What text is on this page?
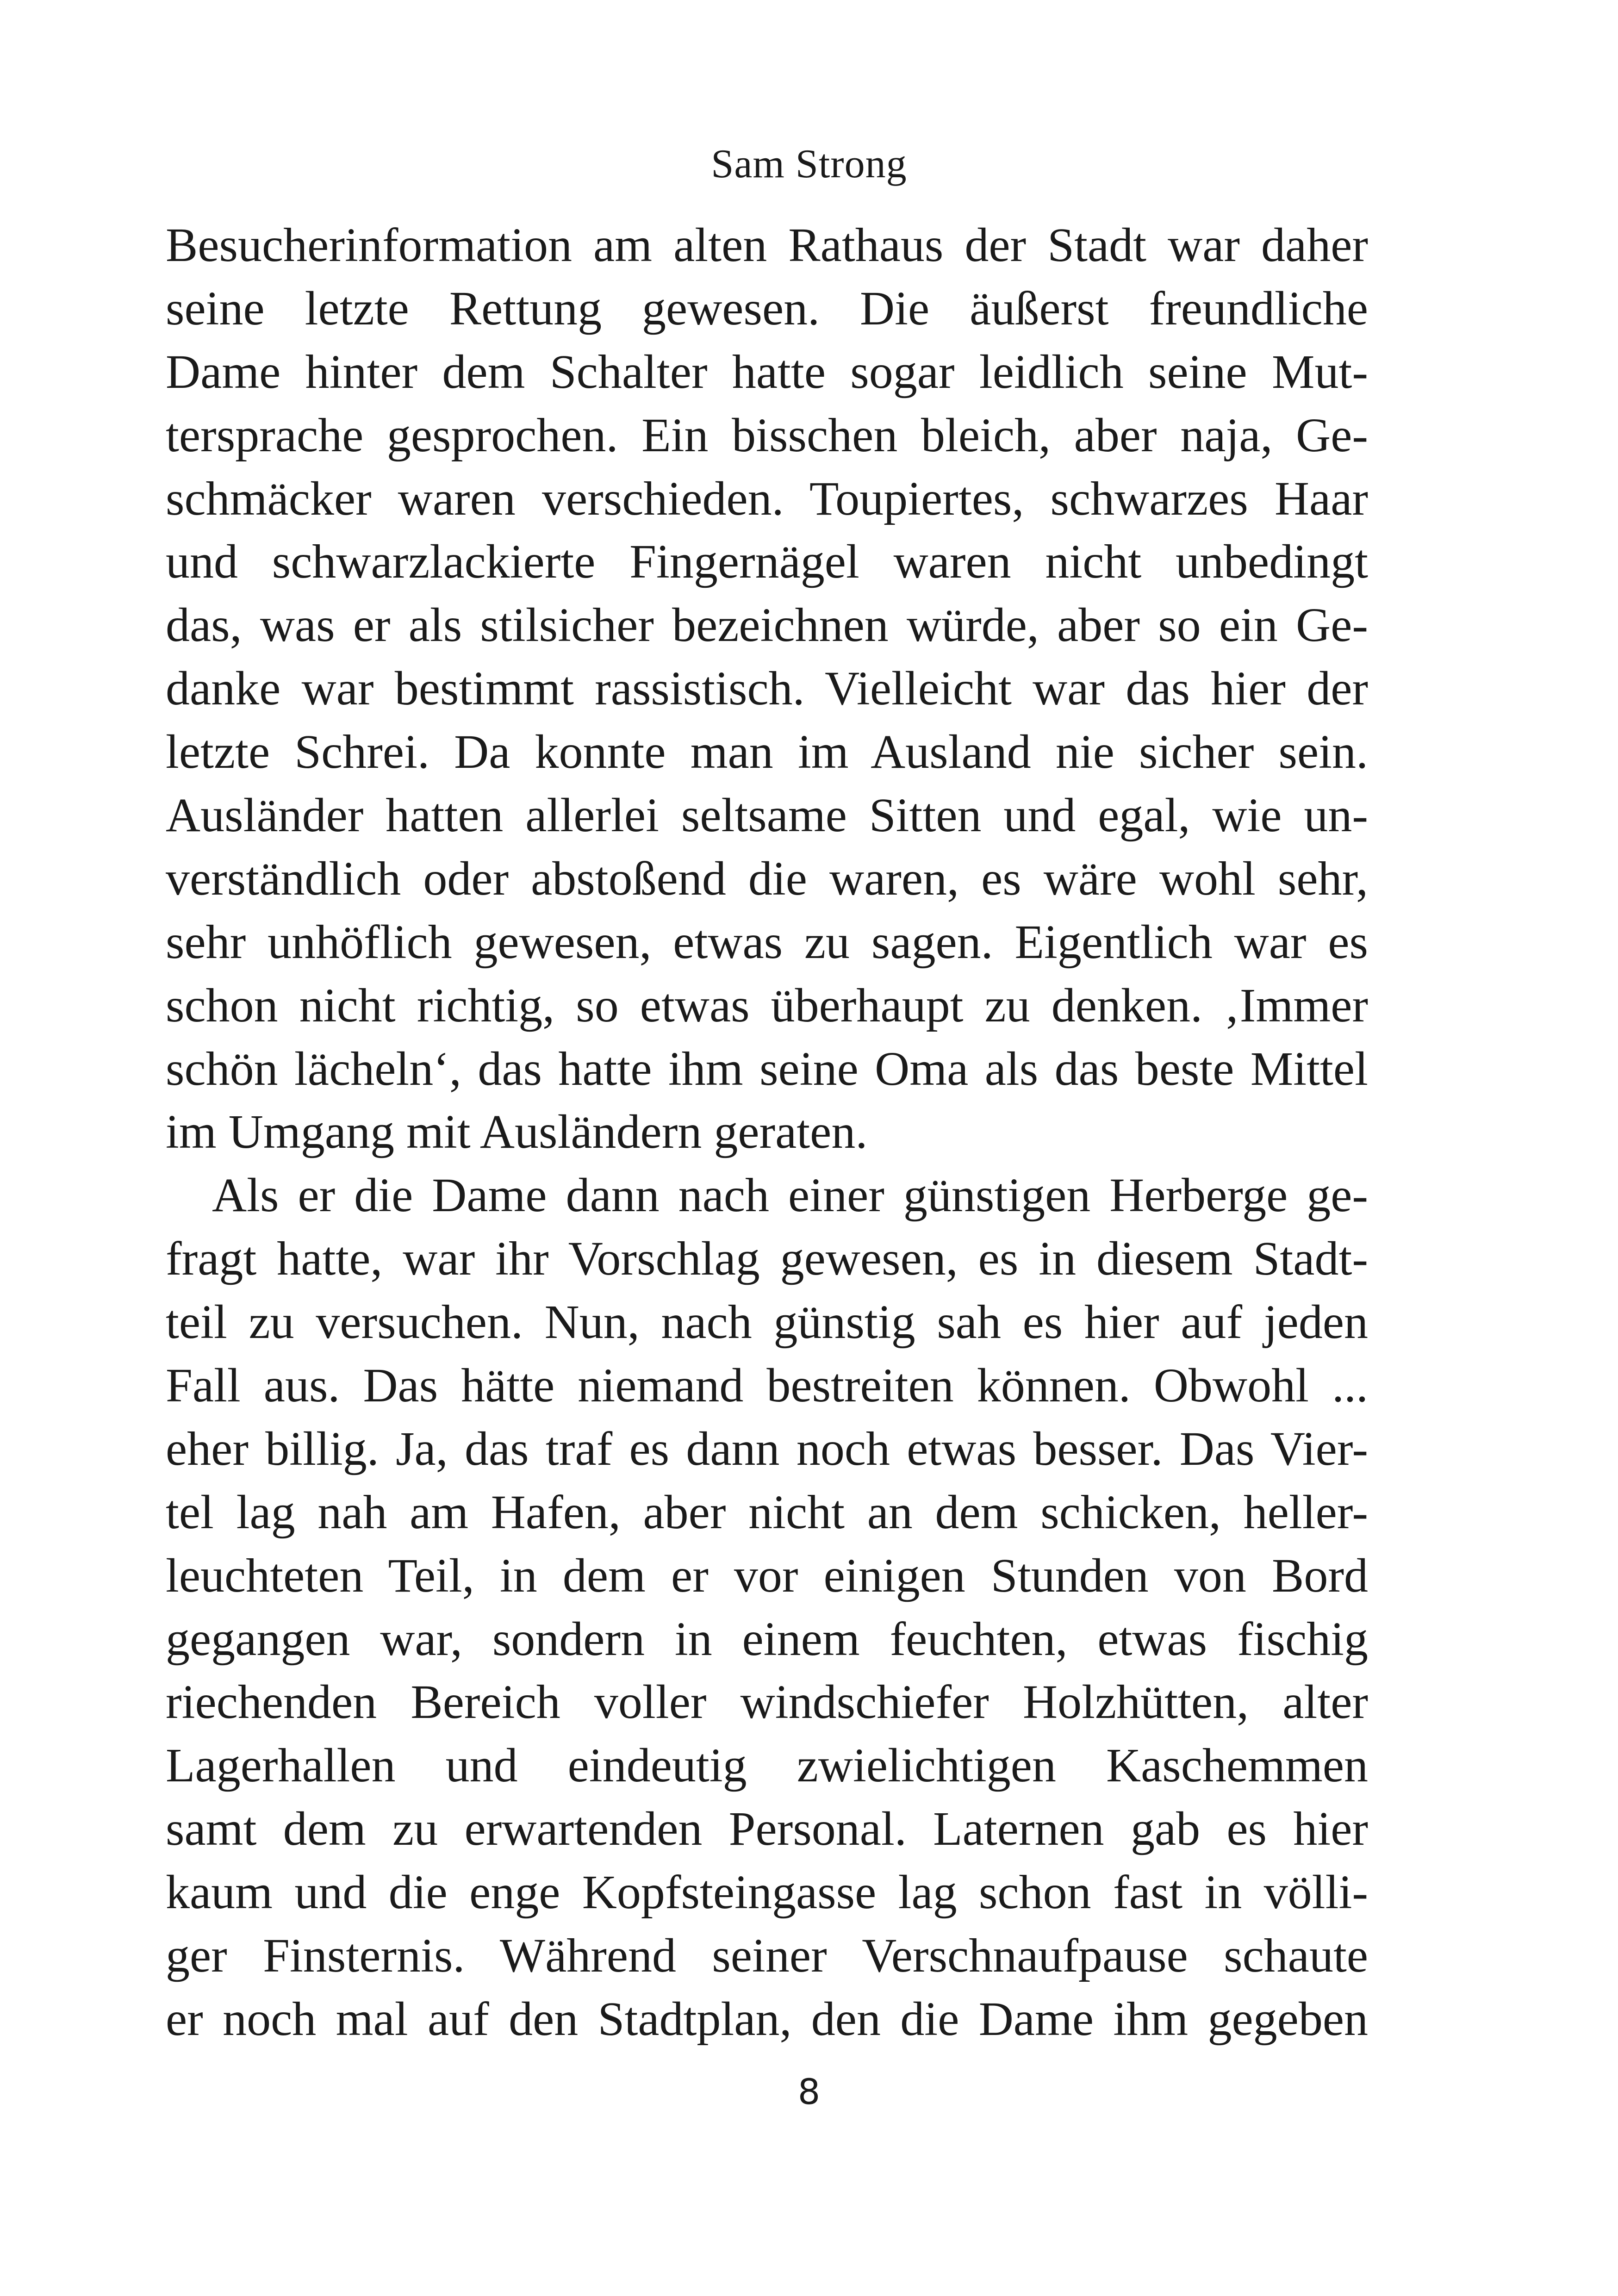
Sam Strong
Besucherinformation am alten Rathaus der Stadt war daher
seine letzte Rettung gewesen. Die äußerst freundliche
Dame hinter dem Schalter hatte sogar leidlich seine Mut-
tersprache gesprochen. Ein bisschen bleich, aber naja, Ge-
schmäcker waren verschieden. Toupiertes, schwarzes Haar
und schwarzlackierte Fingernägel waren nicht unbedingt
das, was er als stilsicher bezeichnen würde, aber so ein Ge-
danke war bestimmt rassistisch. Vielleicht war das hier der
letzte Schrei. Da konnte man im Ausland nie sicher sein.
Ausländer hatten allerlei seltsame Sitten und egal, wie un-
verständlich oder abstoßend die waren, es wäre wohl sehr,
sehr unhöflich gewesen, etwas zu sagen. Eigentlich war es
schon nicht richtig, so etwas überhaupt zu denken. ‚Immer
schön lächeln‘, das hatte ihm seine Oma als das beste Mittel
im Umgang mit Ausländern geraten.
Als er die Dame dann nach einer günstigen Herberge ge-
fragt hatte, war ihr Vorschlag gewesen, es in diesem Stadt-
teil zu versuchen. Nun, nach günstig sah es hier auf jeden
Fall aus. Das hätte niemand bestreiten können. Obwohl ...
eher billig. Ja, das traf es dann noch etwas besser. Das Vier-
tel lag nah am Hafen, aber nicht an dem schicken, heller-
leuchteten Teil, in dem er vor einigen Stunden von Bord
gegangen war, sondern in einem feuchten, etwas fischig
riechenden Bereich voller windschiefer Holzhütten, alter
Lagerhallen und eindeutig zwielichtigen Kaschemmen
samt dem zu erwartenden Personal. Laternen gab es hier
kaum und die enge Kopfsteingasse lag schon fast in völli-
ger Finsternis. Während seiner Verschnaufpause schaute
er noch mal auf den Stadtplan, den die Dame ihm gegeben
8
